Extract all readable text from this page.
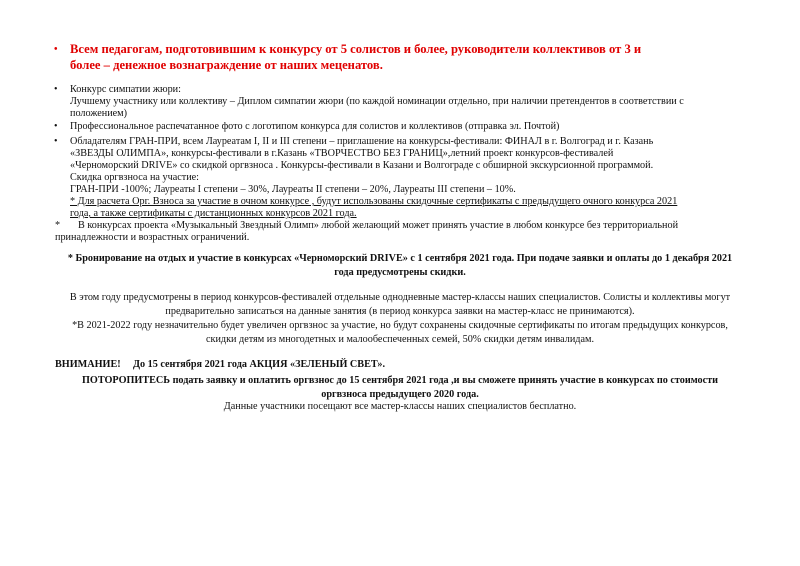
• Всем педагогам, подготовившим к конкурсу от 5 солистов и более, руководители коллективов от 3 и
более – денежное вознаграждение от наших меценатов.
• Конкурс симпатии жюри:
Лучшему участнику или коллективу – Диплом симпатии жюри (по каждой номинации отдельно, при наличии претендентов в соответствии с
положением)
• Профессиональное распечатанное фото с логотипом конкурса для солистов и коллективов (отправка эл. Почтой)
• Обладателям ГРАН-ПРИ, всем Лауреатам I, II и III степени – приглашение на конкурсы-фестивали: ФИНАЛ в г. Волгоград и г. Казань
«ЗВЕЗДЫ ОЛИМПА», конкурсы-фестивали в г.Казань «ТВОРЧЕСТВО БЕЗ ГРАНИЦ»,летний проект конкурсов-фестивалей
«Черноморский DRIVE» со скидкой оргвзноса . Конкурсы-фестивали в Казани и Волгограде с обширной экскурсионной программой.
Скидка оргвзноса на участие:
ГРАН-ПРИ -100%; Лауреаты I степени – 30%, Лауреаты II степени – 20%, Лауреаты III степени – 10%.
* Для расчета Орг. Взноса за участие в очном конкурсе , будут использованы скидочные сертификаты с предыдущего очного конкурса 2021
года, а также сертификаты с дистанционных конкурсов 2021 года.
* В конкурсах проекта «Музыкальный Звездный Олимп» любой желающий может принять участие в любом конкурсе без территориальной
принадлежности и возрастных ограничений.
* Бронирование на отдых и участие в конкурсах «Черноморский DRIVE» с 1 сентября 2021 года. При подаче заявки и оплаты до 1 декабря 2021
года предусмотрены скидки.
В этом году предусмотрены в период конкурсов-фестивалей отдельные однодневные мастер-классы наших специалистов. Солисты и коллективы могут
предварительно записаться на данные занятия (в период конкурса заявки на мастер-класс не принимаются).
*В 2021-2022 году незначительно будет увеличен оргвзнос за участие, но будут сохранены скидочные сертификаты по итогам предыдущих конкурсов,
скидки детям из многодетных и малообеспеченных семей, 50% скидки детям инвалидам.
ВНИМАНИЕ! До 15 сентября 2021 года АКЦИЯ «ЗЕЛЕНЫЙ СВЕТ».
ПОТОРОПИТЕСЬ подать заявку и оплатить оргвзнос до 15 сентября 2021 года ,и вы сможете принять участие в конкурсах по стоимости
оргвзноса предыдущего 2020 года.
Данные участники посещают все мастер-классы наших специалистов бесплатно.
